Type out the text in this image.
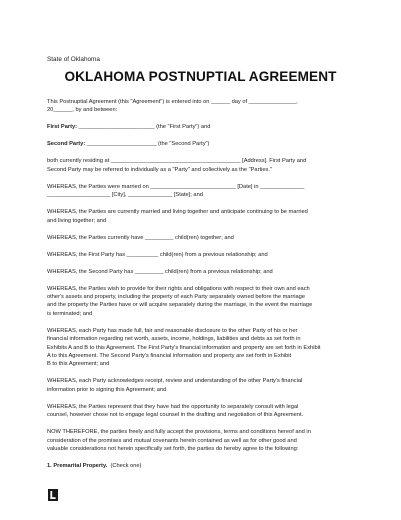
State of Oklahoma
OKLAHOMA POSTNUPTIAL AGREEMENT

This Postnuptial Agreement (this "Agreement") is entered into on ______ day of _______________,
20______, by and between:

First Party: ________________________ (the "First Party") and

Second Party: ______________________ (the "Second Party")

both currently residing at _________________________________________ [Address]. First Party and
Second Party may be referred to individually as a "Party" and collectively as the "Parties."

WHEREAS, the Parties were married on ___________________________ [Date] in ______________
____________________ [City], ______________ [State]; and

WHEREAS, the Parties are currently married and living together and anticipate continuing to be married
and living together; and

WHEREAS, the Parties currently have _________ child(ren) together; and

WHEREAS, the First Party has __________ child(ren) from a previous relationship; and

WHEREAS, the Second Party has _________ child(ren) from a previous relationship; and

WHEREAS, the Parties wish to provide for their rights and obligations with respect to their own and each
other's assets and property, including the property of each Party separately owned before the marriage
and the property the Parties have or will acquire separately during the marriage, in the event the marriage
is terminated; and

WHEREAS, each Party has made full, fair and reasonable disclosure to the other Party of his or her
financial information regarding net worth, assets, income, holdings, liabilities and debts as set forth in
Exhibits A and B to this Agreement. The First Party's financial information and property are set forth in Exhibit
A to this Agreement. The Second Party's financial information and property are set forth in Exhibit
B to this Agreement; and

WHEREAS, each Party acknowledges receipt, review and understanding of the other Party's financial
information prior to signing this Agreement; and

WHEREAS, the Parties represent that they have had the opportunity to separately consult with legal
counsel, however chose not to engage legal counsel in the drafting and negotiation of this Agreement.

NOW THEREFORE, the parties freely and fully accept the provisions, terms and conditions hereof and in
consideration of the promises and mutual covenants herein contained as well as for other good and
valuable considerations not herein specifically set forth, the parties do hereby agree to the following:

1. Premarital Property.  (Check one)
